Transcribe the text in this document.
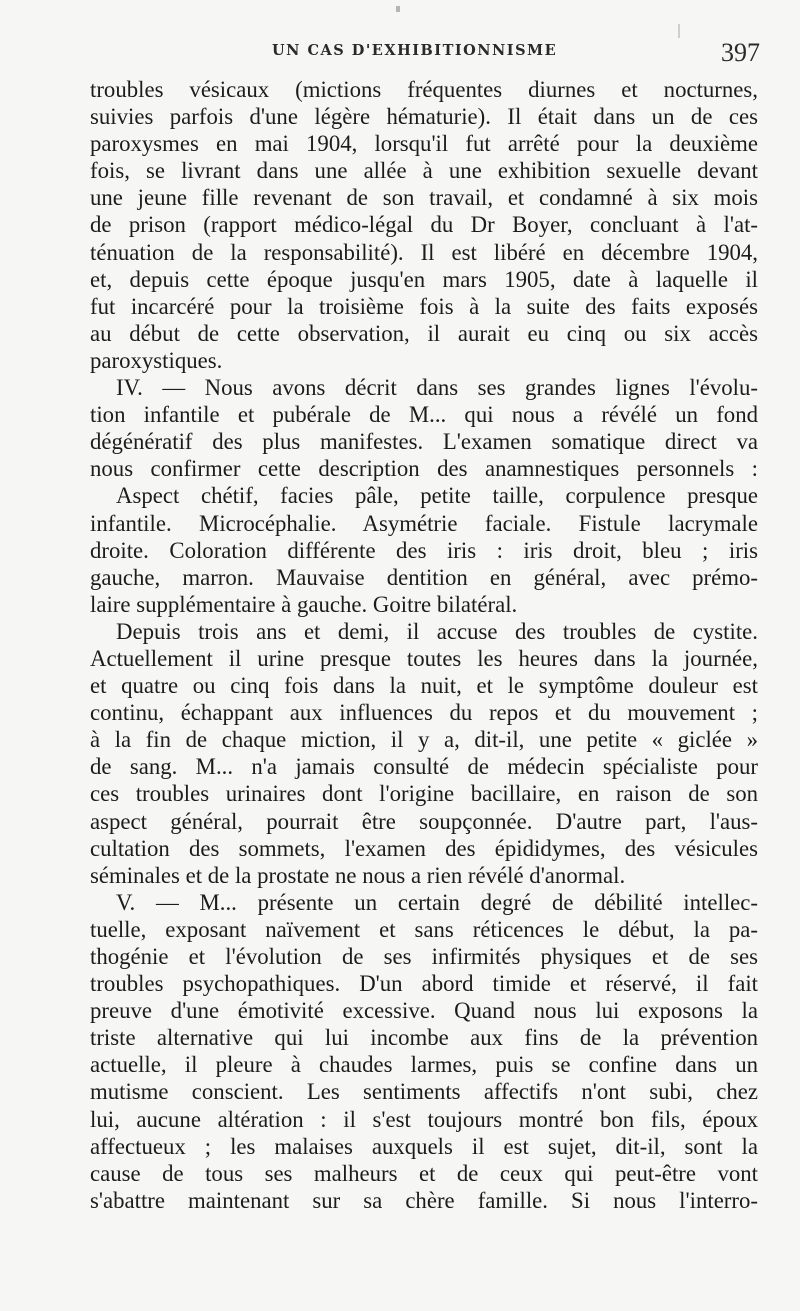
UN CAS D'EXHIBITIONNISME	397
troubles vésicaux (mictions fréquentes diurnes et nocturnes,
suivies parfois d'une légère hématurie). Il était dans un de ces
paroxysmes en mai 1904, lorsqu'il fut arrêté pour la deuxième
fois, se livrant dans une allée à une exhibition sexuelle devant
une jeune fille revenant de son travail, et condamné à six mois
de prison (rapport médico-légal du Dr Boyer, concluant à l'at-
ténuation de la responsabilité). Il est libéré en décembre 1904,
et, depuis cette époque jusqu'en mars 1905, date à laquelle il
fut incarcéré pour la troisième fois à la suite des faits exposés
au début de cette observation, il aurait eu cinq ou six accès
paroxystiques.
IV. — Nous avons décrit dans ses grandes lignes l'évolu-
tion infantile et pubérale de M... qui nous a révélé un fond
dégénératif des plus manifestes. L'examen somatique direct va
nous confirmer cette description des anamnestiques personnels :
Aspect chétif, facies pâle, petite taille, corpulence presque
infantile. Microcéphalie. Asymétrie faciale. Fistule lacrymale
droite. Coloration différente des iris : iris droit, bleu ; iris
gauche, marron. Mauvaise dentition en général, avec prémo-
laire supplémentaire à gauche. Goitre bilatéral.
Depuis trois ans et demi, il accuse des troubles de cystite.
Actuellement il urine presque toutes les heures dans la journée,
et quatre ou cinq fois dans la nuit, et le symptôme douleur est
continu, échappant aux influences du repos et du mouvement ;
à la fin de chaque miction, il y a, dit-il, une petite « giclée »
de sang. M... n'a jamais consulté de médecin spécialiste pour
ces troubles urinaires dont l'origine bacillaire, en raison de son
aspect général, pourrait être soupçonnée. D'autre part, l'aus-
cultation des sommets, l'examen des épididymes, des vésicules
séminales et de la prostate ne nous a rien révélé d'anormal.
V. — M... présente un certain degré de débilité intellec-
tuelle, exposant naïvement et sans réticences le début, la pa-
thogénie et l'évolution de ses infirmités physiques et de ses
troubles psychopathiques. D'un abord timide et réservé, il fait
preuve d'une émotivité excessive. Quand nous lui exposons la
triste alternative qui lui incombe aux fins de la prévention
actuelle, il pleure à chaudes larmes, puis se confine dans un
mutisme conscient. Les sentiments affectifs n'ont subi, chez
lui, aucune altération : il s'est toujours montré bon fils, époux
affectueux ; les malaises auxquels il est sujet, dit-il, sont la
cause de tous ses malheurs et de ceux qui peut-être vont
s'abattre maintenant sur sa chère famille. Si nous l'interro-
